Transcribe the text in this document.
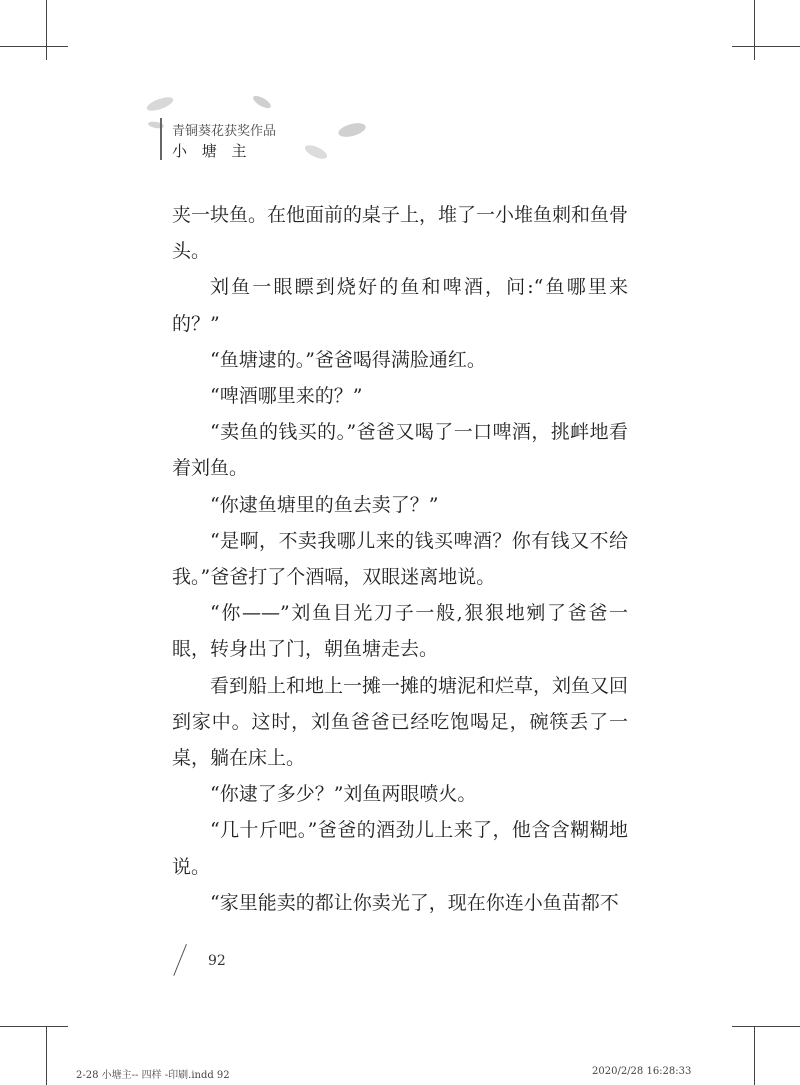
青铜葵花获奖作品
小 塘 主

夹一块鱼。在他面前的桌子上，堆了一小堆鱼刺和鱼骨头。

刘鱼一眼瞟到烧好的鱼和啤酒，问:“鱼哪里来的？”

“鱼塘逮的。”爸爸喝得满脸通红。

“啤酒哪里来的？”

“卖鱼的钱买的。”爸爸又喝了一口啤酒，挑衅地看着刘鱼。

“你逮鱼塘里的鱼去卖了？”

“是啊，不卖我哪儿来的钱买啤酒？你有钱又不给我。”爸爸打了个酒嗝，双眼迷离地说。

“你——”刘鱼目光刀子一般,狠狠地剜了爸爸一眼，转身出了门，朝鱼塘走去。

看到船上和地上一摊一摊的塘泥和烂草，刘鱼又回到家中。这时，刘鱼爸爸已经吃饱喝足，碗筷丢了一桌，躺在床上。

“你逮了多少？”刘鱼两眼喷火。

“几十斤吧。”爸爸的酒劲儿上来了，他含含糊糊地说。

“家里能卖的都让你卖光了，现在你连小鱼苗都不

92
2-28 小塘主-- 四样 -印刷.indd 92	2020/2/28 16:28:33
